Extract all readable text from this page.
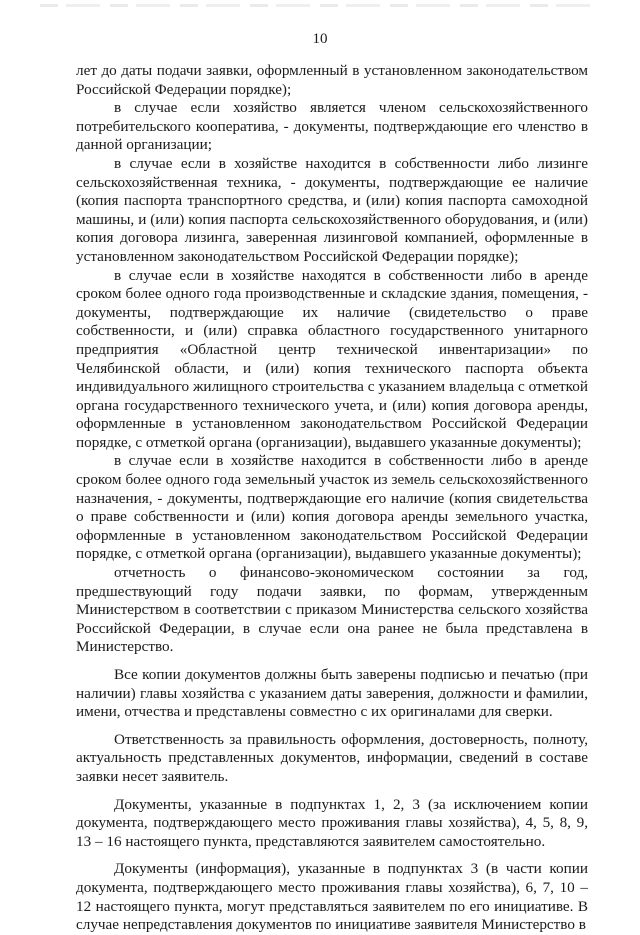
10

лет до даты подачи заявки, оформленный в установленном законодательством Российской Федерации порядке);

в случае если хозяйство является членом сельскохозяйственного потребительского кооператива, - документы, подтверждающие его членство в данной организации;

в случае если в хозяйстве находится в собственности либо лизинге сельскохозяйственная техника, - документы, подтверждающие ее наличие (копия паспорта транспортного средства, и (или) копия паспорта самоходной машины, и (или) копия паспорта сельскохозяйственного оборудования, и (или) копия договора лизинга, заверенная лизинговой компанией, оформленные в установленном законодательством Российской Федерации порядке);

в случае если в хозяйстве находятся в собственности либо в аренде сроком более одного года производственные и складские здания, помещения, - документы, подтверждающие их наличие (свидетельство о праве собственности, и (или) справка областного государственного унитарного предприятия «Областной центр технической инвентаризации» по Челябинской области, и (или) копия технического паспорта объекта индивидуального жилищного строительства с указанием владельца с отметкой органа государственного технического учета, и (или) копия договора аренды, оформленные в установленном законодательством Российской Федерации порядке, с отметкой органа (организации), выдавшего указанные документы);

в случае если в хозяйстве находится в собственности либо в аренде сроком более одного года земельный участок из земель сельскохозяйственного назначения, - документы, подтверждающие его наличие (копия свидетельства о праве собственности и (или) копия договора аренды земельного участка, оформленные в установленном законодательством Российской Федерации порядке, с отметкой органа (организации), выдавшего указанные документы);

отчетность о финансово-экономическом состоянии за год, предшествующий году подачи заявки, по формам, утвержденным Министерством в соответствии с приказом Министерства сельского хозяйства Российской Федерации, в случае если она ранее не была представлена в Министерство.

Все копии документов должны быть заверены подписью и печатью (при наличии) главы хозяйства с указанием даты заверения, должности и фамилии, имени, отчества и представлены совместно с их оригиналами для сверки.

Ответственность за правильность оформления, достоверность, полноту, актуальность представленных документов, информации, сведений в составе заявки несет заявитель.

Документы, указанные в подпунктах 1, 2, 3 (за исключением копии документа, подтверждающего место проживания главы хозяйства), 4, 5, 8, 9, 13 – 16 настоящего пункта, представляются заявителем самостоятельно.

Документы (информация), указанные в подпунктах 3 (в части копии документа, подтверждающего место проживания главы хозяйства), 6, 7, 10 – 12 настоящего пункта, могут представляться заявителем по его инициативе. В случае непредставления документов по инициативе заявителя Министерство в
